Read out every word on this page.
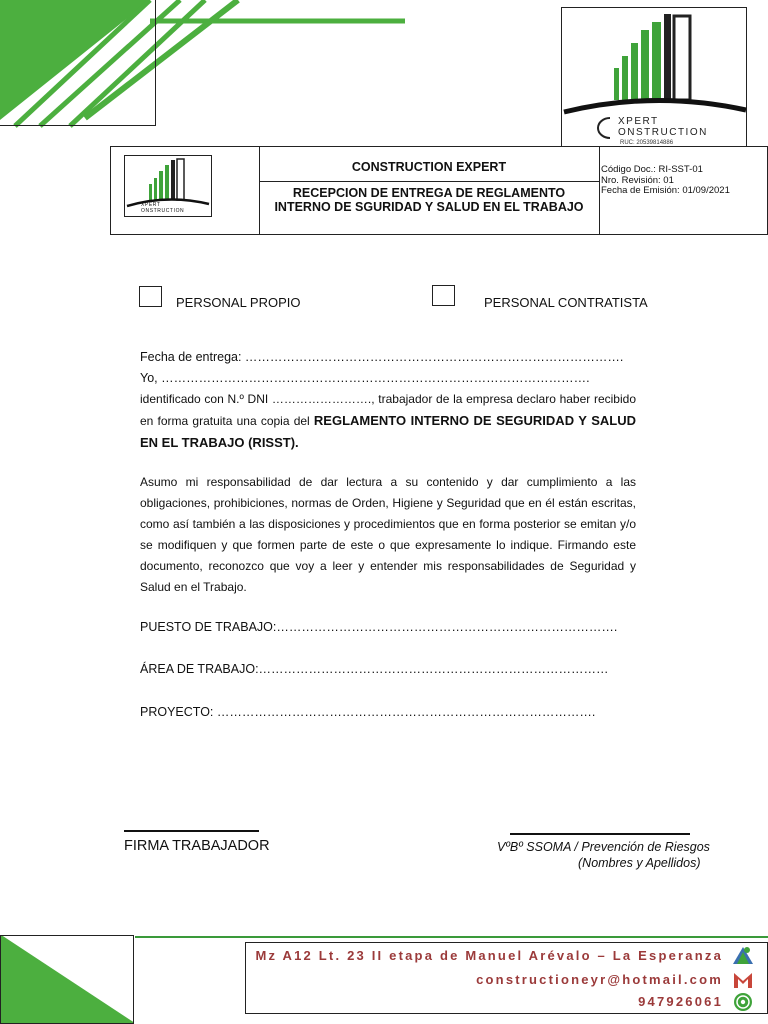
XPERT
ONSTRUCTION
RUC: 20539814886
XPERT
ONSTRUCTION
CONSTRUCTION EXPERT
RECEPCION DE ENTREGA DE REGLAMENTO
INTERNO DE SGURIDAD Y SALUD EN EL TRABAJO
Código Doc.: RI-SST-01
Nro. Revisión: 01
Fecha de Emisión: 01/09/2021
PERSONAL PROPIO	PERSONAL CONTRATISTA
Fecha de entrega: ……………………………………………………………………………….
Yo, ………………………………………………………………………………………….
identificado con N.º DNI ……………………., trabajador de la empresa declaro haber recibido en forma gratuita una copia del REGLAMENTO INTERNO DE SEGURIDAD Y SALUD EN EL TRABAJO (RISST).
Asumo mi responsabilidad de dar lectura a su contenido y dar cumplimiento a las obligaciones, prohibiciones, normas de Orden, Higiene y Seguridad que en él están escritas, como así también a las disposiciones y procedimientos que en forma posterior se emitan y/o se modifiquen y que formen parte de este o que expresamente lo indique. Firmando este documento, reconozco que voy a leer y entender mis responsabilidades de Seguridad y Salud en el Trabajo.
PUESTO DE TRABAJO:……………………………………………………………………….
ÁREA DE TRABAJO:…………………………………………………………………………
PROYECTO: ……………………………………………………………………………….
FIRMA TRABAJADOR	VºBº SSOMA / Prevención de Riesgos
(Nombres y Apellidos)
Mz A12 Lt. 23 II etapa de Manuel Arévalo – La Esperanza
constructioneyr@hotmail.com
947926061
